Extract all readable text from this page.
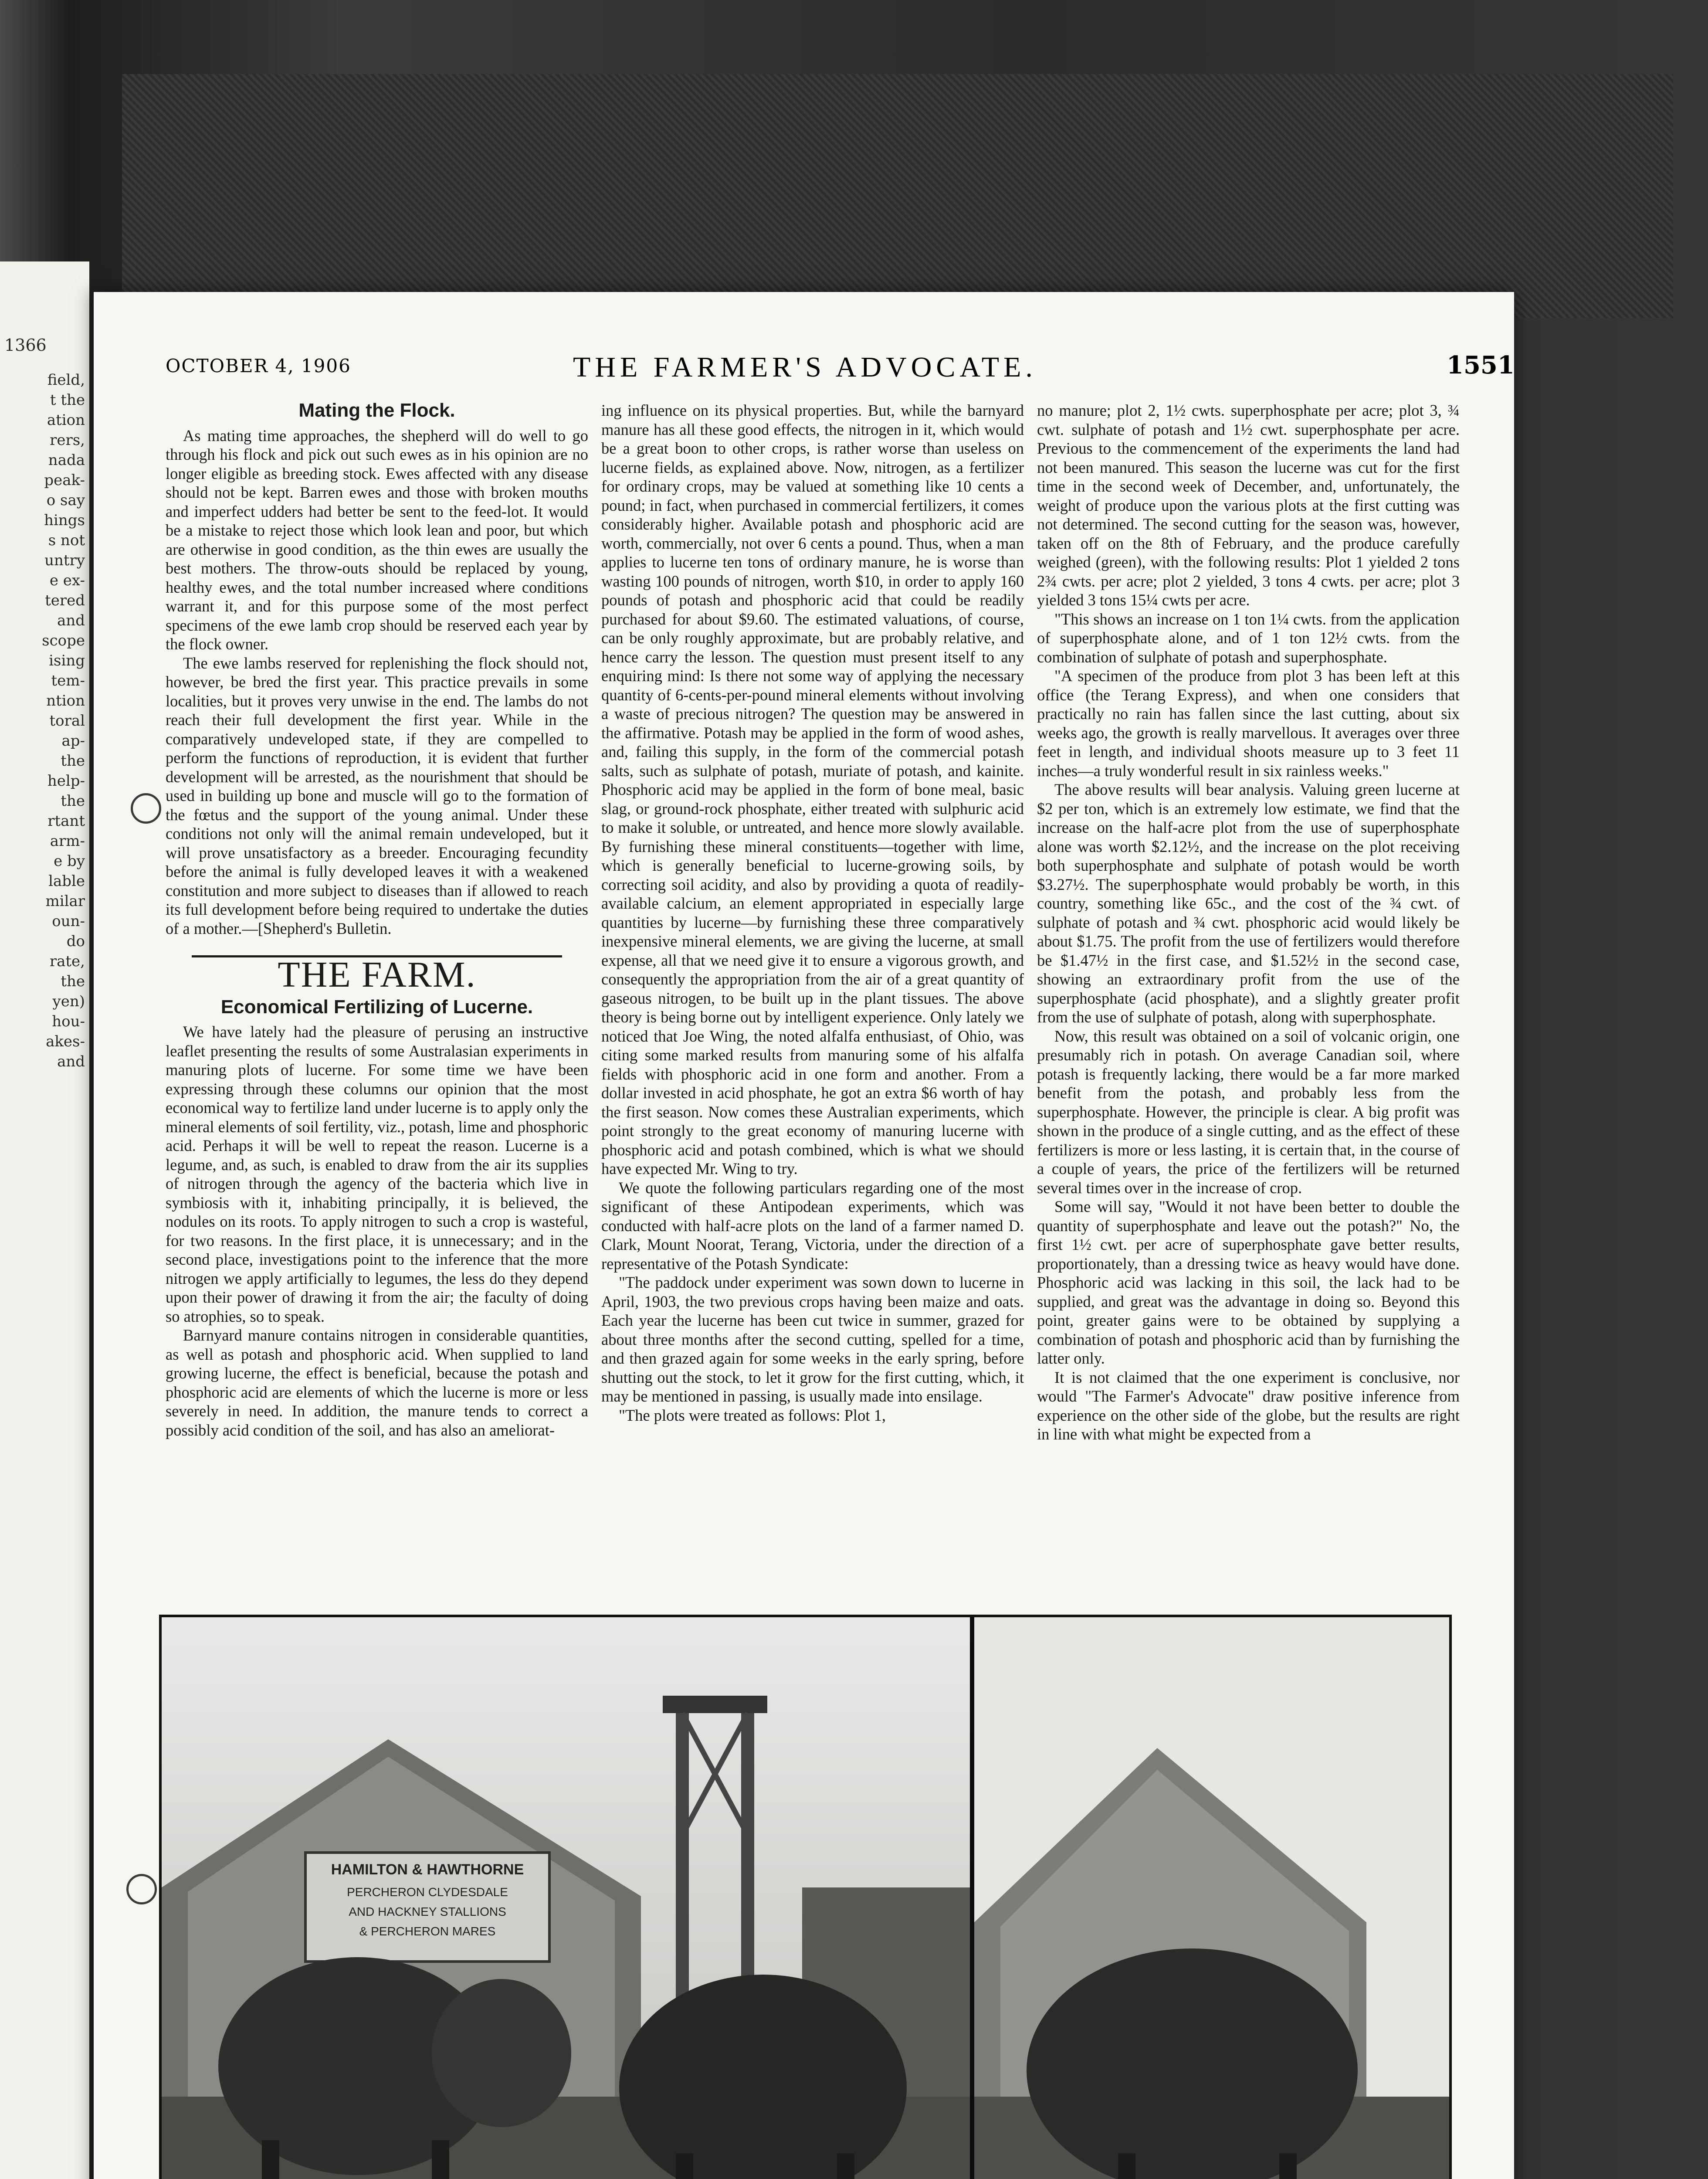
1366
field,
t the
ation
rers,
nada
peak-
o say
hings
s not
untry
e ex-
tered
and
scope
ising
tem-
ntion
toral
ap-
the
help-
the
rtant
arm-
e by
lable
milar
oun-
do
rate,
the
yen)
hou-
akes-
and
OCTOBER 4, 1906	THE FARMER'S ADVOCATE.	1551
Mating the Flock.

As mating time approaches, the shepherd will do well to go through his flock and pick out such ewes as in his opinion are no longer eligible as breeding stock. Ewes affected with any disease should not be kept. Barren ewes and those with broken mouths and imperfect udders had better be sent to the feed-lot. It would be a mistake to reject those which look lean and poor, but which are otherwise in good condition, as the thin ewes are usually the best mothers. The throw-outs should be replaced by young, healthy ewes, and the total number increased where conditions warrant it, and for this purpose some of the most perfect specimens of the ewe lamb crop should be reserved each year by the flock owner.

The ewe lambs reserved for replenishing the flock should not, however, be bred the first year. This practice prevails in some localities, but it proves very unwise in the end. The lambs do not reach their full development the first year. While in the comparatively undeveloped state, if they are compelled to perform the functions of reproduction, it is evident that further development will be arrested, as the nourishment that should be used in building up bone and muscle will go to the formation of the fœtus and the support of the young animal. Under these conditions not only will the animal remain undeveloped, but it will prove unsatisfactory as a breeder. Encouraging fecundity before the animal is fully developed leaves it with a weakened constitution and more subject to diseases than if allowed to reach its full development before being required to undertake the duties of a mother.—[Shepherd's Bulletin.

THE FARM.
Economical Fertilizing of Lucerne.

We have lately had the pleasure of perusing an instructive leaflet presenting the results of some Australasian experiments in manuring plots of lucerne. For some time we have been expressing through these columns our opinion that the most economical way to fertilize land under lucerne is to apply only the mineral elements of soil fertility, viz., potash, lime and phosphoric acid. Perhaps it will be well to repeat the reason. Lucerne is a legume, and, as such, is enabled to draw from the air its supplies of nitrogen through the agency of the bacteria which live in symbiosis with it, inhabiting principally, it is believed, the nodules on its roots. To apply nitrogen to such a crop is wasteful, for two reasons. In the first place, it is unnecessary; and in the second place, investigations point to the inference that the more nitrogen we apply artificially to legumes, the less do they depend upon their power of drawing it from the air; the faculty of doing so atrophies, so to speak.

Barnyard manure contains nitrogen in considerable quantities, as well as potash and phosphoric acid. When supplied to land growing lucerne, the effect is beneficial, because the potash and phosphoric acid are elements of which the lucerne is more or less severely in need. In addition, the manure tends to correct a possibly acid condition of the soil, and has also an ameliorat-

ing influence on its physical properties. But, while the barnyard manure has all these good effects, the nitrogen in it, which would be a great boon to other crops, is rather worse than useless on lucerne fields, as explained above. Now, nitrogen, as a fertilizer for ordinary crops, may be valued at something like 10 cents a pound; in fact, when purchased in commercial fertilizers, it comes considerably higher. Available potash and phosphoric acid are worth, commercially, not over 6 cents a pound. Thus, when a man applies to lucerne ten tons of ordinary manure, he is worse than wasting 100 pounds of nitrogen, worth $10, in order to apply 160 pounds of potash and phosphoric acid that could be readily purchased for about $9.60. The estimated valuations, of course, can be only roughly approximate, but are probably relative, and hence carry the lesson. The question must present itself to any enquiring mind: Is there not some way of applying the necessary quantity of 6-cents-per-pound mineral elements without involving a waste of precious nitrogen? The question may be answered in the affirmative. Potash may be applied in the form of wood ashes, and, failing this supply, in the form of the commercial potash salts, such as sulphate of potash, muriate of potash, and kainite. Phosphoric acid may be applied in the form of bone meal, basic slag, or ground-rock phosphate, either treated with sulphuric acid to make it soluble, or untreated, and hence more slowly available. By furnishing these mineral constituents—together with lime, which is generally beneficial to lucerne-growing soils, by correcting soil acidity, and also by providing a quota of readily-available calcium, an element appropriated in especially large quantities by lucerne—by furnishing these three comparatively inexpensive mineral elements, we are giving the lucerne, at small expense, all that we need give it to ensure a vigorous growth, and consequently the appropriation from the air of a great quantity of gaseous nitrogen, to be built up in the plant tissues. The above theory is being borne out by intelligent experience. Only lately we noticed that Joe Wing, the noted alfalfa enthusiast, of Ohio, was citing some marked results from manuring some of his alfalfa fields with phosphoric acid in one form and another. From a dollar invested in acid phosphate, he got an extra $6 worth of hay the first season. Now comes these Australian experiments, which point strongly to the great economy of manuring lucerne with phosphoric acid and potash combined, which is what we should have expected Mr. Wing to try.

We quote the following particulars regarding one of the most significant of these Antipodean experiments, which was conducted with half-acre plots on the land of a farmer named D. Clark, Mount Noorat, Terang, Victoria, under the direction of a representative of the Potash Syndicate:

"The paddock under experiment was sown down to lucerne in April, 1903, the two previous crops having been maize and oats. Each year the lucerne has been cut twice in summer, grazed for about three months after the second cutting, spelled for a time, and then grazed again for some weeks in the early spring, before shutting out the stock, to let it grow for the first cutting, which, it may be mentioned in passing, is usually made into ensilage.

"The plots were treated as follows: Plot 1,

no manure; plot 2, 1½ cwts. superphosphate per acre; plot 3, ¾ cwt. sulphate of potash and 1½ cwt. superphosphate per acre. Previous to the commencement of the experiments the land had not been manured. This season the lucerne was cut for the first time in the second week of December, and, unfortunately, the weight of produce upon the various plots at the first cutting was not determined. The second cutting for the season was, however, taken off on the 8th of February, and the produce carefully weighed (green), with the following results: Plot 1 yielded 2 tons 2¾ cwts. per acre; plot 2 yielded, 3 tons 4 cwts. per acre; plot 3 yielded 3 tons 15¼ cwts per acre.

"This shows an increase on 1 ton 1¼ cwts. from the application of superphosphate alone, and of 1 ton 12½ cwts. from the combination of sulphate of potash and superphosphate.

"A specimen of the produce from plot 3 has been left at this office (the Terang Express), and when one considers that practically no rain has fallen since the last cutting, about six weeks ago, the growth is really marvellous. It averages over three feet in length, and individual shoots measure up to 3 feet 11 inches—a truly wonderful result in six rainless weeks."

The above results will bear analysis. Valuing green lucerne at $2 per ton, which is an extremely low estimate, we find that the increase on the half-acre plot from the use of superphosphate alone was worth $2.12½, and the increase on the plot receiving both superphosphate and sulphate of potash would be worth $3.27½. The superphosphate would probably be worth, in this country, something like 65c., and the cost of the ¾ cwt. of sulphate of potash and ¾ cwt. phosphoric acid would likely be about $1.75. The profit from the use of fertilizers would therefore be $1.47½ in the first case, and $1.52½ in the second case, showing an extraordinary profit from the use of the superphosphate (acid phosphate), and a slightly greater profit from the use of sulphate of potash, along with superphosphate.

Now, this result was obtained on a soil of volcanic origin, one presumably rich in potash. On average Canadian soil, where potash is frequently lacking, there would be a far more marked benefit from the potash, and probably less from the superphosphate. However, the principle is clear. A big profit was shown in the produce of a single cutting, and as the effect of these fertilizers is more or less lasting, it is certain that, in the course of a couple of years, the price of the fertilizers will be returned several times over in the increase of crop.

Some will say, "Would it not have been better to double the quantity of superphosphate and leave out the potash?" No, the first 1½ cwt. per acre of superphosphate gave better results, proportionately, than a dressing twice as heavy would have done. Phosphoric acid was lacking in this soil, the lack had to be supplied, and great was the advantage in doing so. Beyond this point, greater gains were to be obtained by supplying a combination of potash and phosphoric acid than by furnishing the latter only.

It is not claimed that the one experiment is conclusive, nor would "The Farmer's Advocate" draw positive inference from experience on the other side of the globe, but the results are right in line with what might be expected from a

HAMILTON & HAWTHORNE
PERCHERON CLYDESDALE
AND HACKNEY STALLIONS
& PERCHERON MARES
